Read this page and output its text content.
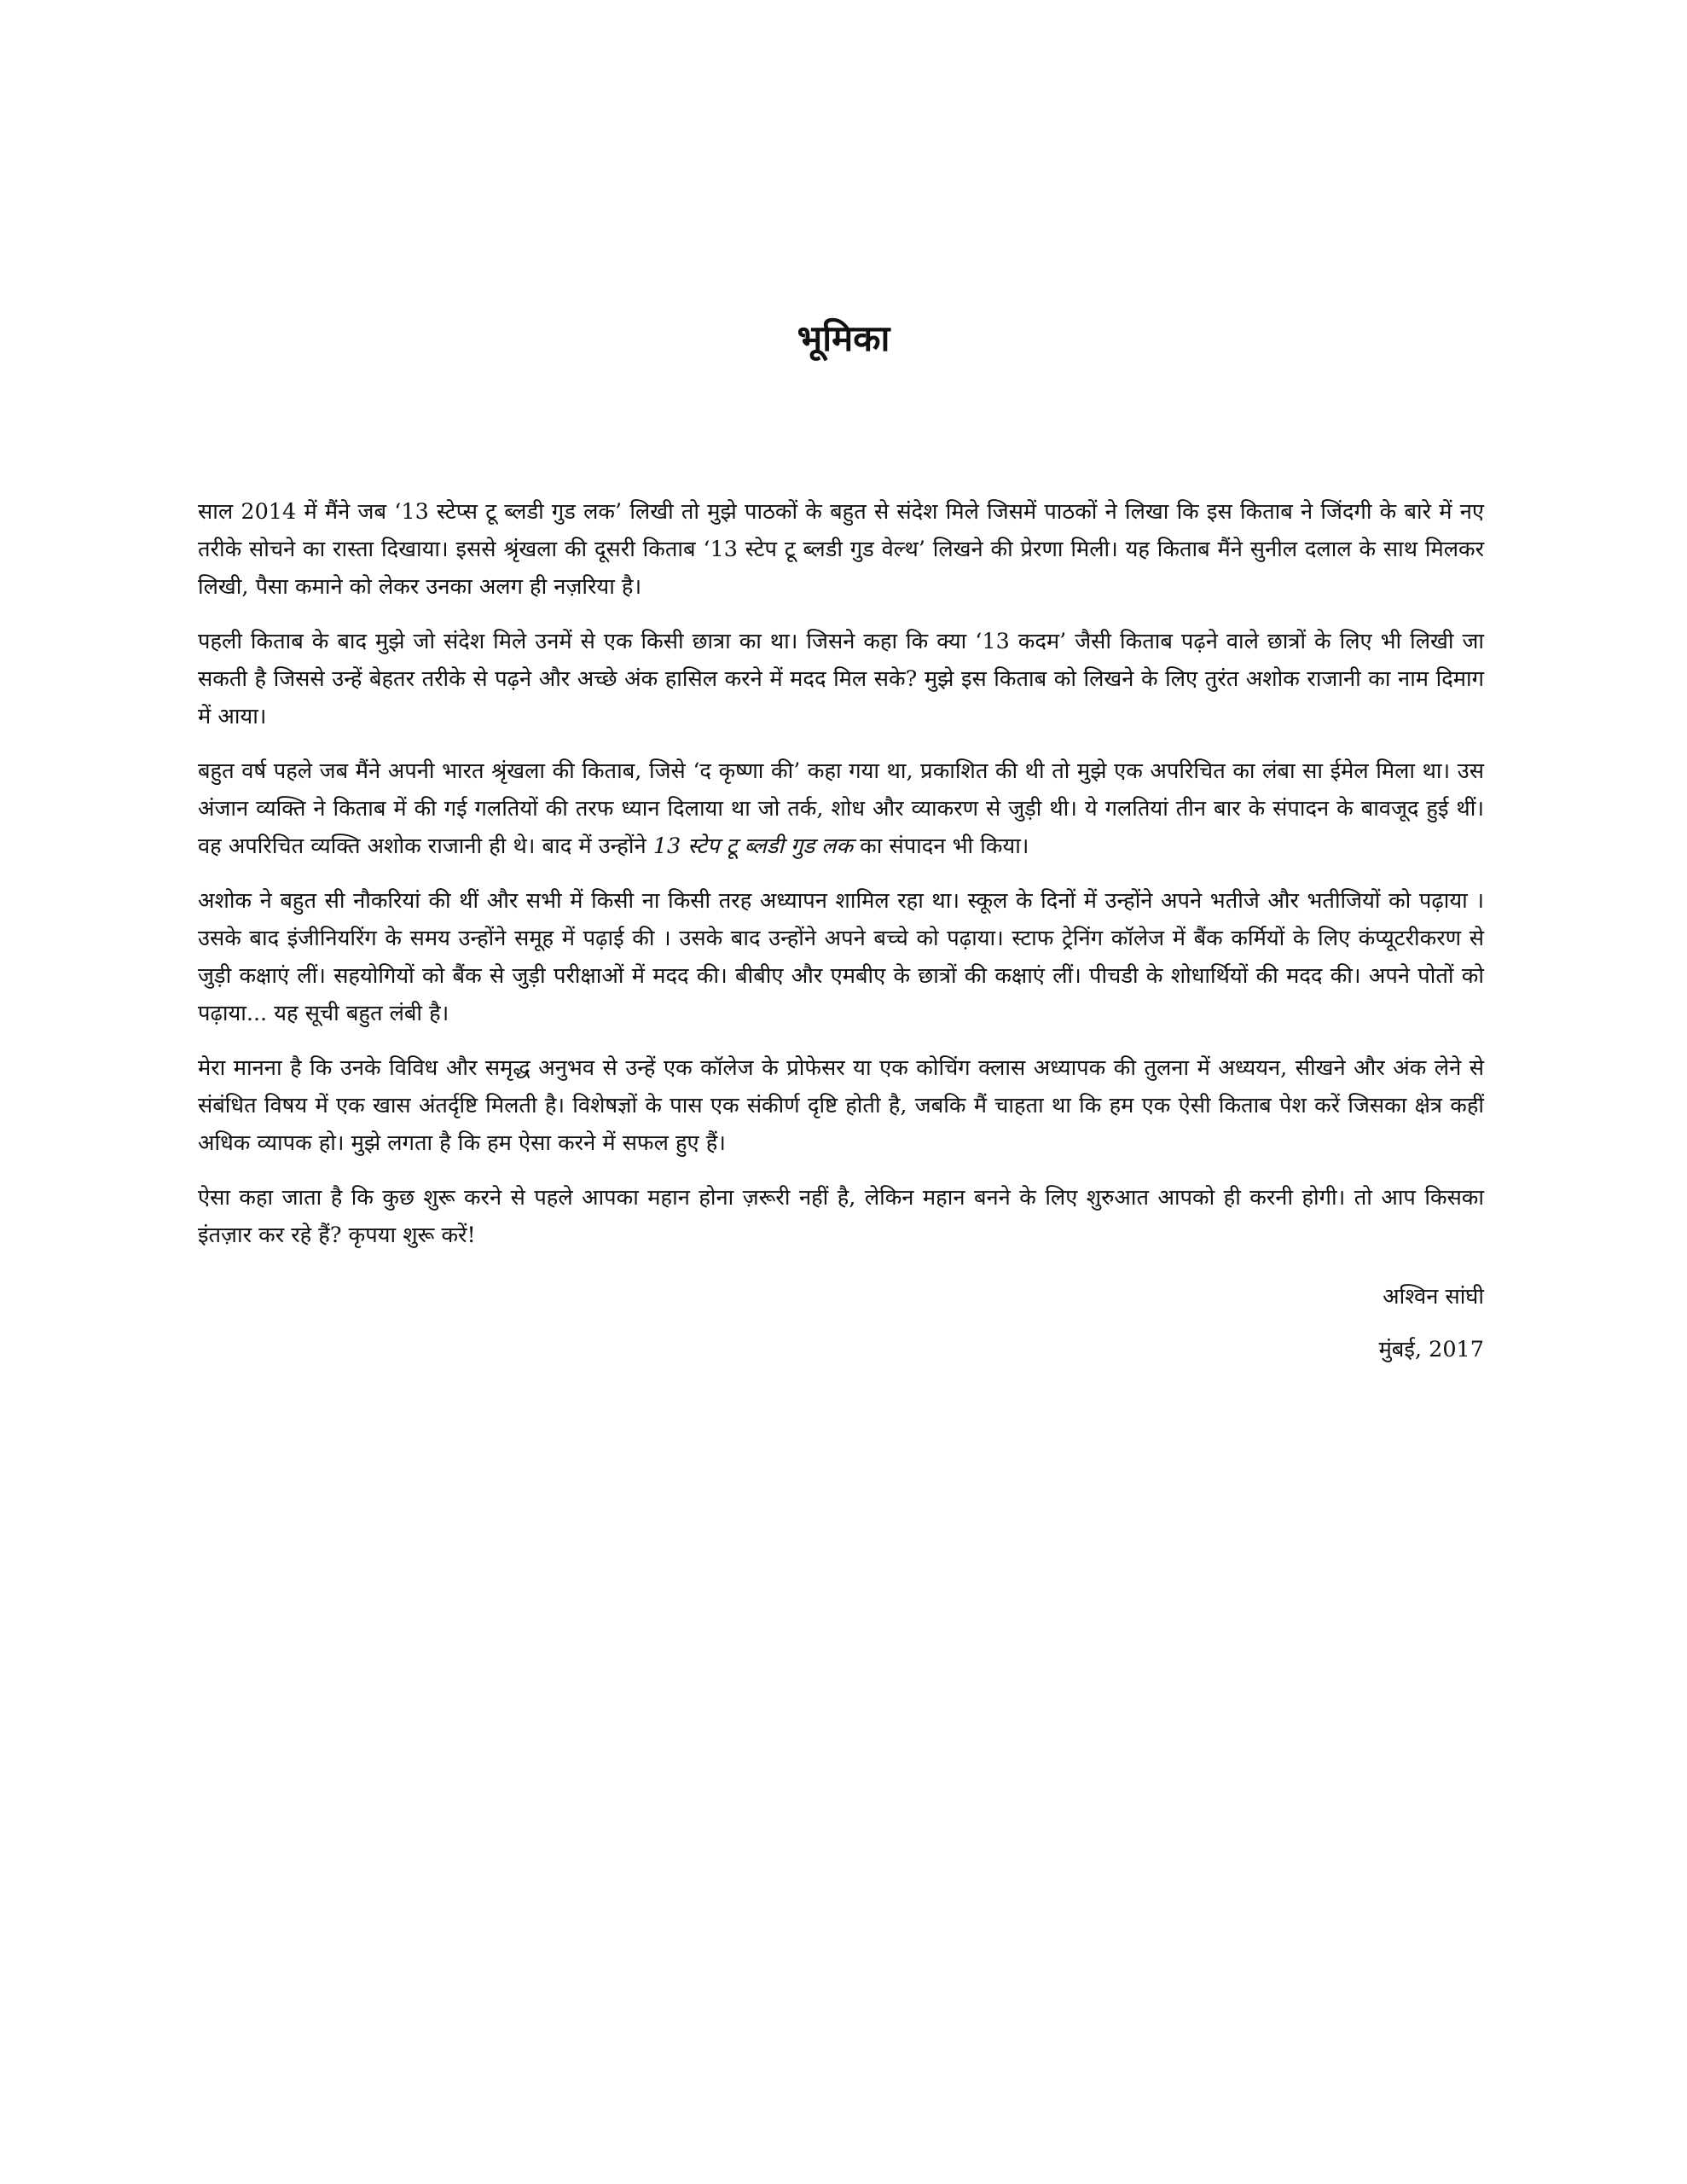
भूमिका

साल 2014 में मैंने जब ‘13 स्टेप्स टू ब्लडी गुड लक’ लिखी तो मुझे पाठकों के बहुत से संदेश मिले जिसमें पाठकों ने लिखा कि इस किताब ने जिंदगी के बारे में नए तरीके सोचने का रास्ता दिखाया। इससे श्रृंखला की दूसरी किताब ‘13 स्टेप टू ब्लडी गुड वेल्थ’ लिखने की प्रेरणा मिली। यह किताब मैंने सुनील दलाल के साथ मिलकर लिखी, पैसा कमाने को लेकर उनका अलग ही नज़रिया है।

पहली किताब के बाद मुझे जो संदेश मिले उनमें से एक किसी छात्रा का था। जिसने कहा कि क्या ‘13 कदम’ जैसी किताब पढ़ने वाले छात्रों के लिए भी लिखी जा सकती है जिससे उन्हें बेहतर तरीके से पढ़ने और अच्छे अंक हासिल करने में मदद मिल सके? मुझे इस किताब को लिखने के लिए तुरंत अशोक राजानी का नाम दिमाग में आया।

बहुत वर्ष पहले जब मैंने अपनी भारत श्रृंखला की किताब, जिसे ‘द कृष्णा की’ कहा गया था, प्रकाशित की थी तो मुझे एक अपरिचित का लंबा सा ईमेल मिला था। उस अंजान व्यक्ति ने किताब में की गई गलतियों की तरफ ध्यान दिलाया था जो तर्क, शोध और व्याकरण से जुड़ी थी। ये गलतियां तीन बार के संपादन के बावजूद हुई थीं। वह अपरिचित व्यक्ति अशोक राजानी ही थे। बाद में उन्होंने 13 स्टेप टू ब्लडी गुड लक का संपादन भी किया।

अशोक ने बहुत सी नौकरियां की थीं और सभी में किसी ना किसी तरह अध्यापन शामिल रहा था। स्कूल के दिनों में उन्होंने अपने भतीजे और भतीजियों को पढ़ाया । उसके बाद इंजीनियरिंग के समय उन्होंने समूह में पढ़ाई की । उसके बाद उन्होंने अपने बच्चे को पढ़ाया। स्टाफ ट्रेनिंग कॉलेज में बैंक कर्मियों के लिए कंप्यूटरीकरण से जुड़ी कक्षाएं लीं। सहयोगियों को बैंक से जुड़ी परीक्षाओं में मदद की। बीबीए और एमबीए के छात्रों की कक्षाएं लीं। पीचडी के शोधार्थियों की मदद की। अपने पोतों को पढ़ाया... यह सूची बहुत लंबी है।

मेरा मानना है कि उनके विविध और समृद्ध अनुभव से उन्हें एक कॉलेज के प्रोफेसर या एक कोचिंग क्लास अध्यापक की तुलना में अध्ययन, सीखने और अंक लेने से संबंधित विषय में एक खास अंतर्दृष्टि मिलती है। विशेषज्ञों के पास एक संकीर्ण दृष्टि होती है, जबकि मैं चाहता था कि हम एक ऐसी किताब पेश करें जिसका क्षेत्र कहीं अधिक व्यापक हो। मुझे लगता है कि हम ऐसा करने में सफल हुए हैं।

ऐसा कहा जाता है कि कुछ शुरू करने से पहले आपका महान होना ज़रूरी नहीं है, लेकिन महान बनने के लिए शुरुआत आपको ही करनी होगी। तो आप किसका इंतज़ार कर रहे हैं? कृपया शुरू करें!

अश्विन सांघी
मुंबई, 2017
